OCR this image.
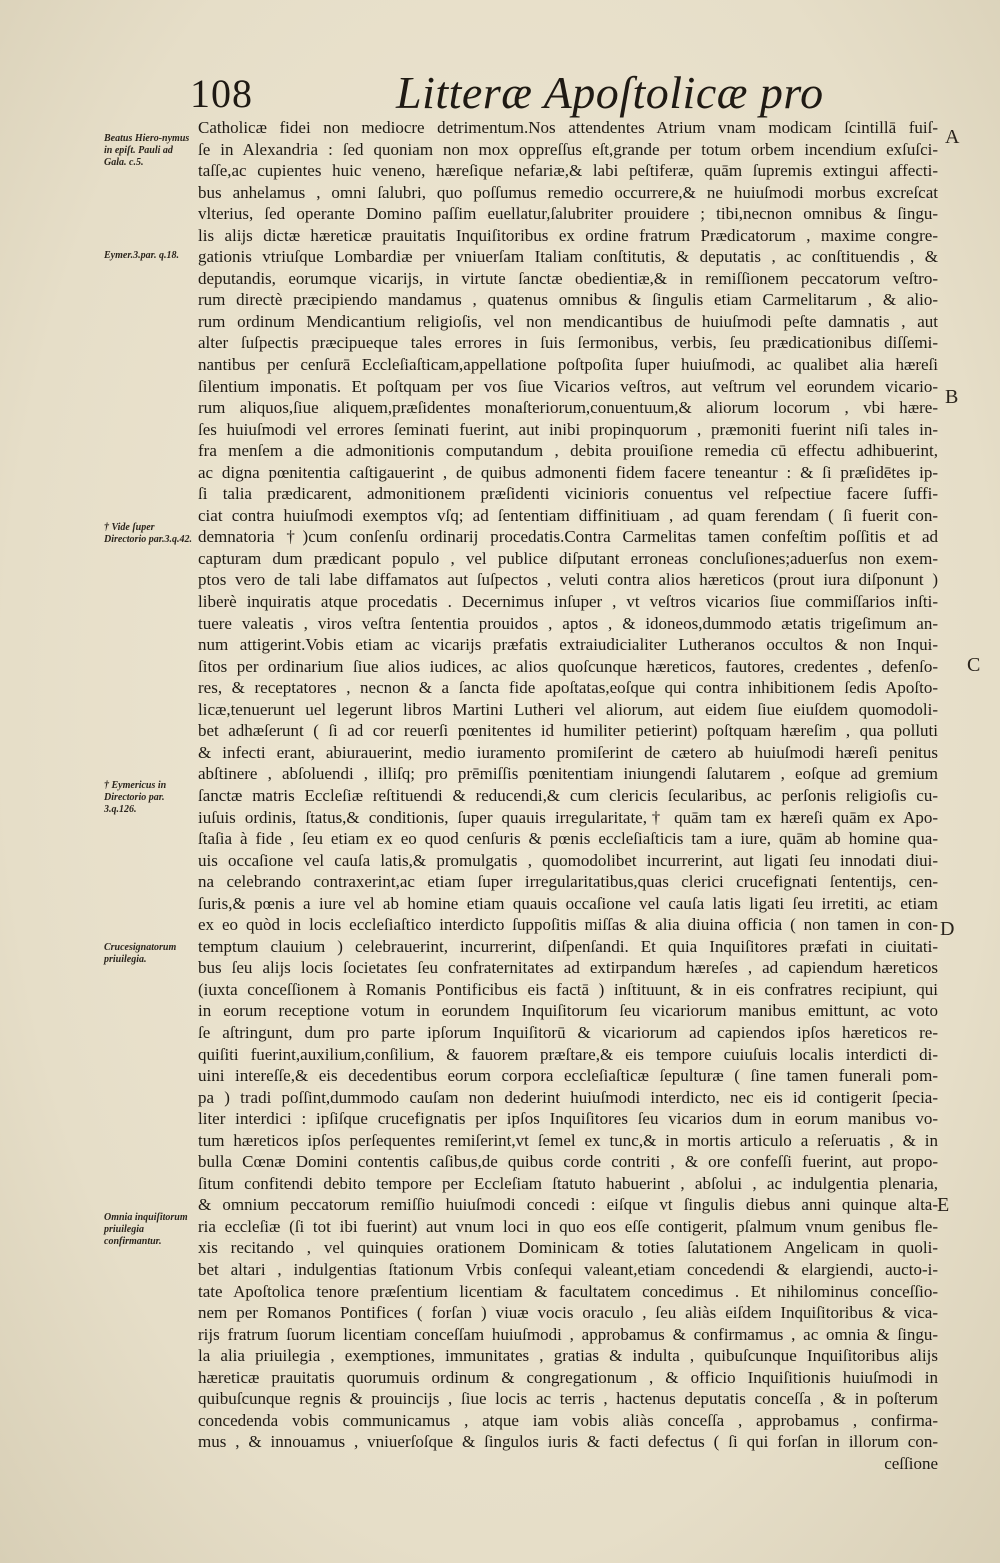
108	Litteræ Apoſtolicæ pro
Beatus Hiero-nymus in epiſt. Pauli ad Gala. c.5.
Eymer.3.par. q.18.
† Vide ſuper Directorio par.3.q.42.
† Eymericus in Directorio par. 3.q.126.
Crucesignatorum priuilegia.
Omnia inquiſitorum priuilegia confirmantur.
A
B
C
D
E
Catholicæ fidei non mediocre detrimentum.Nos attendentes Atrium vnam modicam ſcintillā fuiſ-
ſe in Alexandria : ſed quoniam non mox oppreſſus eſt,grande per totum orbem incendium exſuſci-
taſſe,ac cupientes huic veneno, hæreſique nefariæ,& labi peſtiferæ, quām ſupremis extingui affecti-
bus anhelamus , omni ſalubri, quo poſſumus remedio occurrere,& ne huiuſmodi morbus excreſcat
vlterius, ſed operante Domino paſſim euellatur,ſalubriter prouidere ; tibi,necnon omnibus & ſingu-
lis alijs dictæ hæreticæ prauitatis Inquiſitoribus ex ordine fratrum Prædicatorum , maxime congre-
gationis vtriuſque Lombardiæ per vniuerſam Italiam conſtitutis, & deputatis , ac conſtituendis , &
deputandis, eorumque vicarijs, in virtute ſanctæ obedientiæ,& in remiſſionem peccatorum veſtro-
rum directè præcipiendo mandamus , quatenus omnibus & ſingulis etiam Carmelitarum , & alio-
rum ordinum Mendicantium religioſis, vel non mendicantibus de huiuſmodi peſte damnatis , aut
alter ſuſpectis præcipueque tales errores in ſuis ſermonibus, verbis, ſeu prædicationibus diſſemi-
nantibus per cenſurā Eccleſiaſticam,appellatione poſtpoſita ſuper huiuſmodi, ac qualibet alia hæreſi
ſilentium imponatis. Et poſtquam per vos ſiue Vicarios veſtros, aut veſtrum vel eorundem vicario-
rum aliquos,ſiue aliquem,præſidentes monaſteriorum,conuentuum,& aliorum locorum , vbi hære-
ſes huiuſmodi vel errores ſeminati fuerint, aut inibi propinquorum , præmoniti fuerint niſi tales in-
fra menſem a die admonitionis computandum , debita prouiſione remedia cū effectu adhibuerint,
ac digna pœnitentia caſtigauerint , de quibus admonenti fidem facere teneantur : & ſi præſidētes ip-
ſi talia prædicarent, admonitionem præſidenti vicinioris conuentus vel reſpectiue facere ſuffi-
ciat contra huiuſmodi exemptos vſq; ad ſententiam diffinitiuam , ad quam ferendam ( ſi fuerit con-
demnatoria †)cum conſenſu ordinarij procedatis.Contra Carmelitas tamen confeſtim poſſitis et ad
capturam dum prædicant populo , vel publice diſputant erroneas concluſiones;aduerſus non exem-
ptos vero de tali labe diffamatos aut ſuſpectos , veluti contra alios hæreticos (prout iura diſponunt )
liberè inquiratis atque procedatis . Decernimus inſuper , vt veſtros vicarios ſiue commiſſarios inſti-
tuere valeatis , viros veſtra ſententia prouidos , aptos , & idoneos,dummodo ætatis trigeſimum an-
num attigerint.Vobis etiam ac vicarijs præfatis extraiudicialiter Lutheranos occultos & non Inqui-
ſitos per ordinarium ſiue alios iudices, ac alios quoſcunque hæreticos, fautores, credentes , defenſo-
res, & receptatores , necnon & a ſancta fide apoſtatas,eoſque qui contra inhibitionem ſedis Apoſto-
licæ,tenuerunt uel legerunt libros Martini Lutheri vel aliorum, aut eidem ſiue eiuſdem quomodoli-
bet adhæſerunt ( ſi ad cor reuerſi pœnitentes id humiliter petierint) poſtquam hæreſim , qua polluti
& infecti erant, abiurauerint, medio iuramento promiſerint de cætero ab huiuſmodi hæreſi penitus
abſtinere , abſoluendi , illiſq; pro prēmiſſis pœnitentiam iniungendi ſalutarem , eoſque ad gremium
ſanctæ matris Eccleſiæ reſtituendi & reducendi,& cum clericis ſecularibus, ac perſonis religioſis cu-
iuſuis ordinis, ſtatus,& conditionis, ſuper quauis irregularitate,† quām tam ex hæreſi quām ex Apo-
ſtaſia à fide , ſeu etiam ex eo quod cenſuris & pœnis eccleſiaſticis tam a iure, quām ab homine qua-
uis occaſione vel cauſa latis,& promulgatis , quomodolibet incurrerint, aut ligati ſeu innodati diui-
na celebrando contraxerint,ac etiam ſuper irregularitatibus,quas clerici crucefignati ſententijs, cen-
ſuris,& pœnis a iure vel ab homine etiam quauis occaſione vel cauſa latis ligati ſeu irretiti, ac etiam
ex eo quòd in locis eccleſiaſtico interdicto ſuppoſitis miſſas & alia diuina officia ( non tamen in con-
temptum clauium ) celebrauerint, incurrerint, diſpenſandi. Et quia Inquiſitores præfati in ciuitati-
bus ſeu alijs locis ſocietates ſeu confraternitates ad extirpandum hæreſes , ad capiendum hæreticos
(iuxta conceſſionem à Romanis Pontificibus eis factā ) inſtituunt, & in eis confratres recipiunt, qui
in eorum receptione votum in eorundem Inquiſitorum ſeu vicariorum manibus emittunt, ac voto
ſe aſtringunt, dum pro parte ipſorum Inquiſitorū & vicariorum ad capiendos ipſos hæreticos re-
quiſiti fuerint,auxilium,conſilium, & fauorem præſtare,& eis tempore cuiuſuis localis interdicti di-
uini intereſſe,& eis decedentibus eorum corpora eccleſiaſticæ ſepulturæ ( ſine tamen funerali pom-
pa ) tradi poſſint,dummodo cauſam non dederint huiuſmodi interdicto, nec eis id contigerit ſpecia-
liter interdici : ipſiſque crucefignatis per ipſos Inquiſitores ſeu vicarios dum in eorum manibus vo-
tum hæreticos ipſos perſequentes remiſerint,vt ſemel ex tunc,& in mortis articulo a reſeruatis , & in
bulla Cœnæ Domini contentis caſibus,de quibus corde contriti , & ore confeſſi fuerint, aut propo-
ſitum confitendi debito tempore per Eccleſiam ſtatuto habuerint , abſolui , ac indulgentia plenaria,
& omnium peccatorum remiſſio huiuſmodi concedi : eiſque vt ſingulis diebus anni quinque alta-
ria eccleſiæ (ſi tot ibi fuerint) aut vnum loci in quo eos eſſe contigerit, pſalmum vnum genibus fle-
xis recitando , vel quinquies orationem Dominicam & toties ſalutationem Angelicam in quoli-
bet altari , indulgentias ſtationum Vrbis conſequi valeant,etiam concedendi & elargiendi, aucto-i-
tate Apoſtolica tenore præſentium licentiam & facultatem concedimus . Et nihilominus conceſſio-
nem per Romanos Pontifices ( forſan ) viuæ vocis oraculo , ſeu aliàs eiſdem Inquiſitoribus & vica-
rijs fratrum ſuorum licentiam conceſſam huiuſmodi , approbamus & confirmamus , ac omnia & ſingu-
la alia priuilegia , exemptiones, immunitates , gratias & indulta , quibuſcunque Inquiſitoribus alijs
hæreticæ prauitatis quorumuis ordinum & congregationum , & officio Inquiſitionis huiuſmodi in
quibuſcunque regnis & prouincijs , ſiue locis ac terris , hactenus deputatis conceſſa , & in poſterum
concedenda vobis communicamus , atque iam vobis aliàs conceſſa , approbamus , confirma-
mus , & innouamus , vniuerſoſque & ſingulos iuris & facti defectus ( ſi qui forſan in illorum con-
ceſſione
